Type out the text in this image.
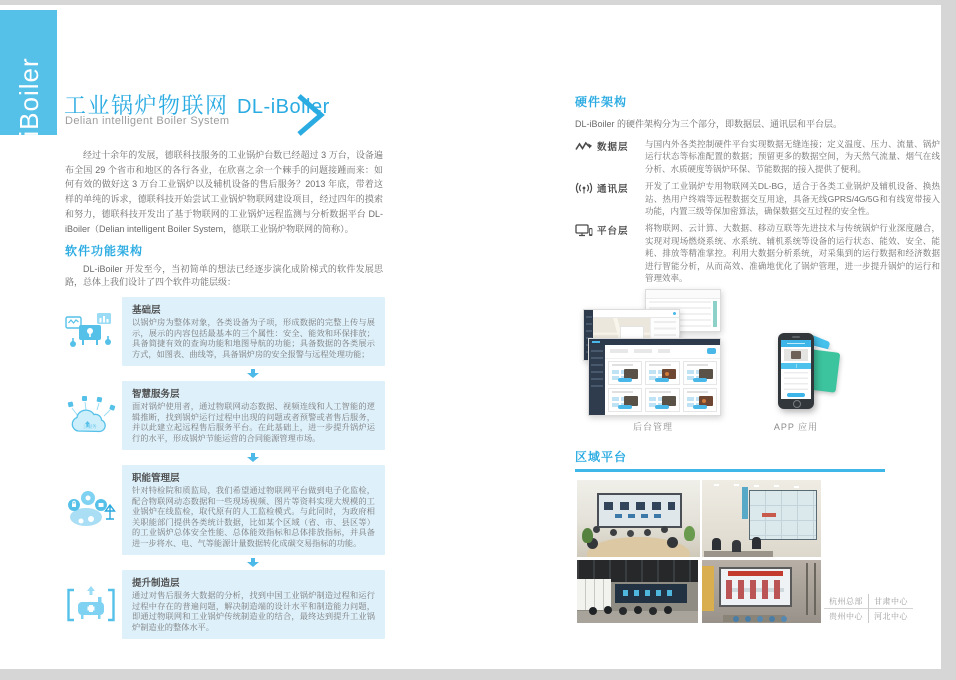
iBoiler 工业锅炉物联网 DL-iBoiler
Delian intelligent Boiler System

经过十余年的发展，德联科技服务的工业锅炉台数已经超过 3 万台，设备遍布全国 29 个省市和地区的各行各业，在欣喜之余一个棘手的问题接踵而来：如何有效的做好这 3 万台工业锅炉以及辅机设备的售后服务？2013 年底，带着这样的单纯的诉求，德联科技开始尝试工业锅炉物联网建设项目，经过四年的摸索和努力，德联科技开发出了基于物联网的工业锅炉远程监测与分析数据平台 DL-iBoiler（Delian intelligent Boiler System，德联工业锅炉物联网的简称）。

软件功能架构

DL-iBoiler 开发至今，当初简单的想法已经逐步演化成阶梯式的软件发展思路，总体上我们设计了四个软件功能层级：

基础层
以锅炉房为整体对象，各类设备为子项，形成数据的完整上传与展示，展示的内容包括最基本的三个属性：安全、能效和环保排放；具备简捷有效的查询功能和地图导航的功能；具备数据的各类展示方式，如图表、曲线等，具备锅炉房的安全报警与远程处理功能；
云服务
智慧服务层
面对锅炉使用者，通过物联网动态数据、视频连线和人工智能的逻辑推断，找到锅炉运行过程中出现的问题或者预警或者售后服务，并以此建立起远程售后服务平台。在此基础上，进一步提升锅炉运行的水平，形成锅炉节能运营的合同能源管理市场。
职能管理层
针对特检院和质监局，我们希望通过物联网平台做到电子化监检，配合物联网动态数据和一些现场视频、图片等资料实现大规模的工业锅炉在线监检，取代原有的人工监检模式。与此同时，为政府相关职能部门提供各类统计数据，比如某个区域（省、市、县区等）的工业锅炉总体安全性能、总体能效指标和总体排放指标，并具备进一步将水、电、气等能源计量数据转化成碳交易指标的功能。
提升制造层
通过对售后服务大数据的分析，找到中国工业锅炉制造过程和运行过程中存在的普遍问题，解决制造端的设计水平和制造能力问题，即通过物联网和工业锅炉传统制造业的结合，最终达到提升工业锅炉制造业的整体水平。
硬件架构

DL-iBoiler 的硬件架构分为三个部分，即数据层、通讯层和平台层。

数据层 与国内外各类控制硬件平台实现数据无缝连接；定义温度、压力、流量、锅炉运行状态等标准配置的数据；预留更多的数据空间，为天然气流量、烟气在线分析、水质硬度等锅炉环保、节能数据的接入提供了便利。
通讯层 开发了工业锅炉专用物联网关DL-BG，适合于各类工业锅炉及辅机设备、换热站、热用户终端等远程数据交互用途，具备无线GPRS/4G/5G和有线宽带接入功能，内置三级等保加密算法，确保数据交互过程的安全性。
平台层 将物联网、云计算、大数据、移动互联等先进技术与传统锅炉行业深度融合，实现对现场燃烧系统、水系统、辅机系统等设备的运行状态、能效、安全、能耗、排放等精准掌控。利用大数据分析系统，对采集到的运行数据和经济数据进行智能分析，从而高效、准确地优化了锅炉管理，进一步提升锅炉的运行和管理效率。
后台管理	APP 应用
区域平台
杭州总部	甘肃中心
贵州中心	河北中心
